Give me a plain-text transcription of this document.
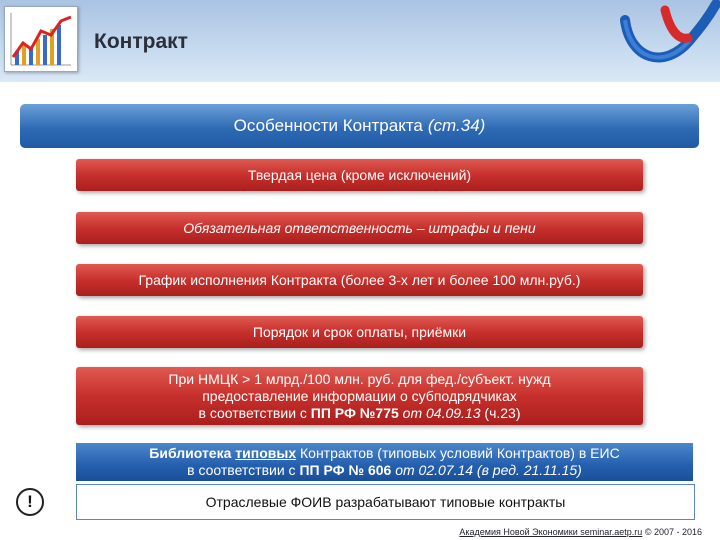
Контракт
Особенности Контракта (ст.34)
Твердая цена (кроме исключений)
Обязательная ответственность – штрафы и пени
График исполнения Контракта (более 3-х лет и более 100 млн.руб.)
Порядок и срок оплаты, приёмки
При НМЦК > 1 млрд./100 млн. руб. для фед./субъект. нужд
предоставление информации о субподрядчиках
в соответствии с ПП РФ №775 от 04.09.13 (ч.23)
Библиотека типовых Контрактов (типовых условий Контрактов) в ЕИС
в соответствии с ПП РФ № 606 от 02.07.14 (в ред. 21.11.15)
!	Отраслевые ФОИВ разрабатывают типовые контракты
Академия Новой Экономики seminar.aetp.ru © 2007 - 2016
